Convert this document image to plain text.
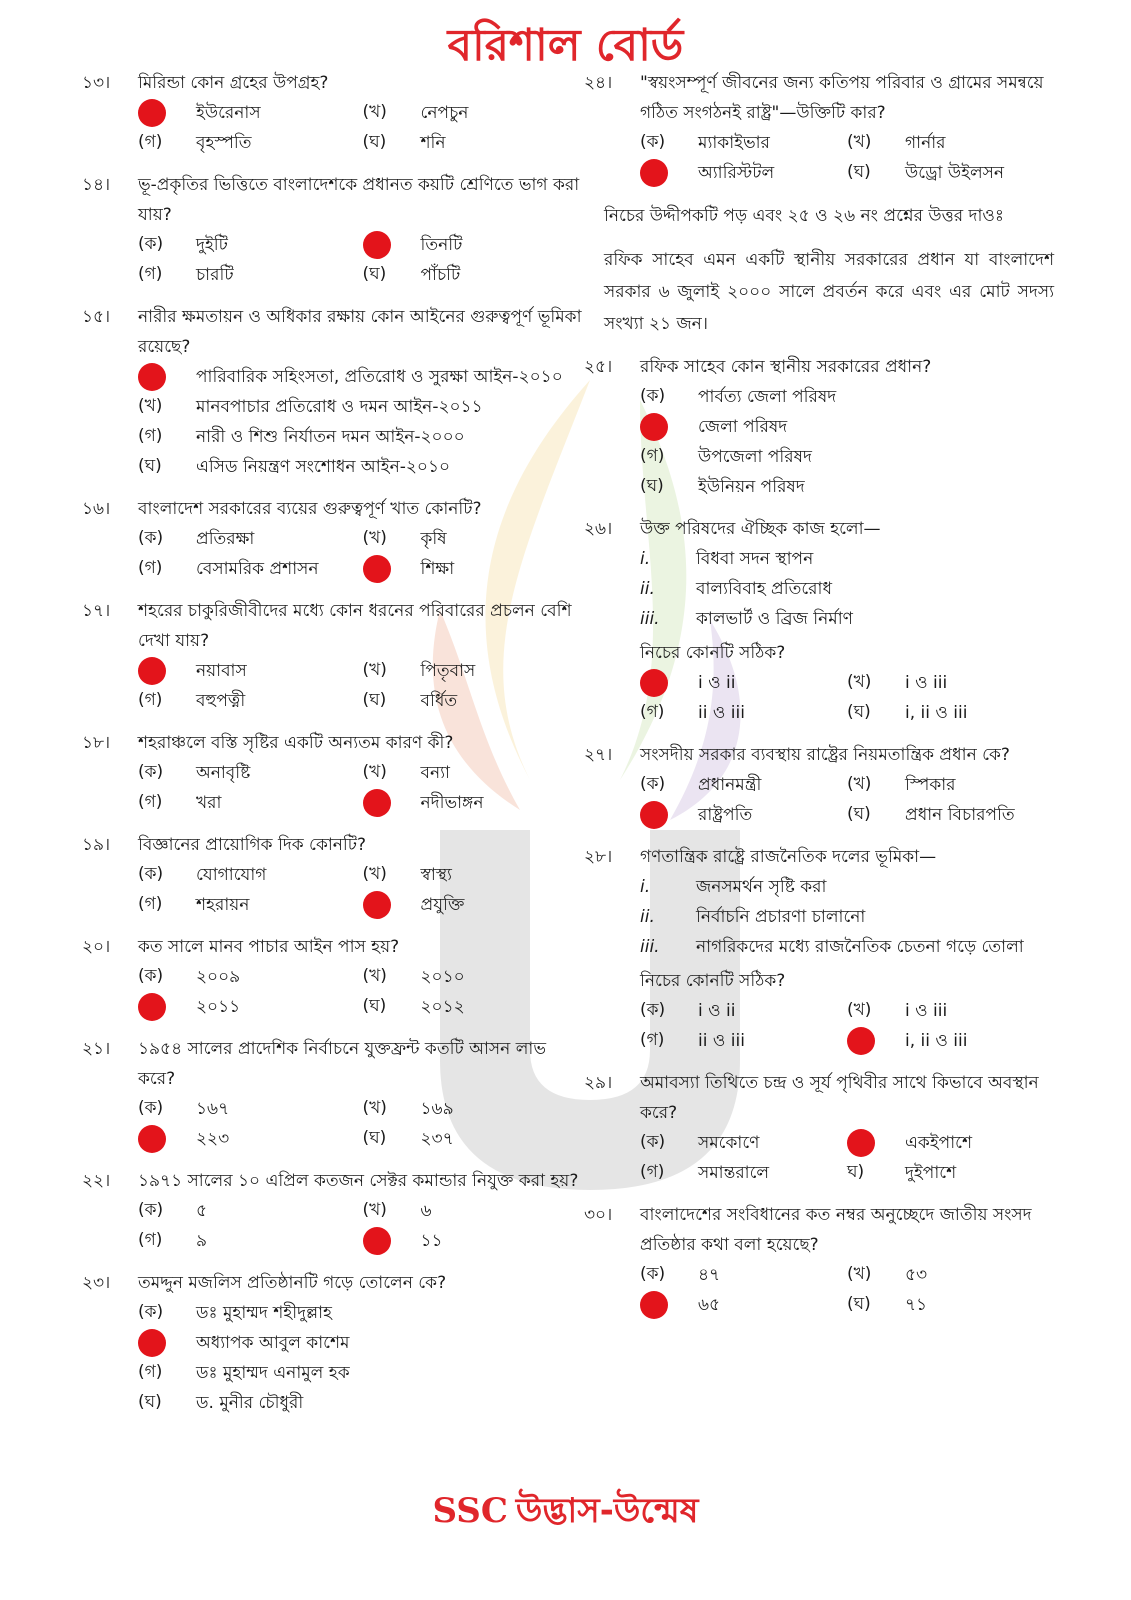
বরিশাল বোর্ড
১৩।	মিরিন্ডা কোন গ্রহের উপগ্রহ?
ইউরেনাস	(খ)	নেপচুন
(গ)	বৃহস্পতি	(ঘ)	শনি
১৪।	ভূ-প্রকৃতির ভিত্তিতে বাংলাদেশকে প্রধানত কয়টি শ্রেণিতে ভাগ করা যায়?
(ক)	দুইটি	তিনটি
(গ)	চারটি	(ঘ)	পাঁচটি
১৫।	নারীর ক্ষমতায়ন ও অধিকার রক্ষায় কোন আইনের গুরুত্বপূর্ণ ভূমিকা রয়েছে?
পারিবারিক সহিংসতা, প্রতিরোধ ও সুরক্ষা আইন-২০১০
(খ)	মানবপাচার প্রতিরোধ ও দমন আইন-২০১১
(গ)	নারী ও শিশু নির্যাতন দমন আইন-২০০০
(ঘ)	এসিড নিয়ন্ত্রণ সংশোধন আইন-২০১০
১৬।	বাংলাদেশ সরকারের ব্যয়ের গুরুত্বপূর্ণ খাত কোনটি?
(ক)	প্রতিরক্ষা	(খ)	কৃষি
(গ)	বেসামরিক প্রশাসন	শিক্ষা
১৭।	শহরের চাকুরিজীবীদের মধ্যে কোন ধরনের পরিবারের প্রচলন বেশি দেখা যায়?
নয়াবাস	(খ)	পিতৃবাস
(গ)	বহুপত্নী	(ঘ)	বর্ধিত
১৮।	শহরাঞ্চলে বস্তি সৃষ্টির একটি অন্যতম কারণ কী?
(ক)	অনাবৃষ্টি	(খ)	বন্যা
(গ)	খরা	নদীভাঙ্গন
১৯।	বিজ্ঞানের প্রায়োগিক দিক কোনটি?
(ক)	যোগাযোগ	(খ)	স্বাস্থ্য
(গ)	শহরায়ন	প্রযুক্তি
২০।	কত সালে মানব পাচার আইন পাস হয়?
(ক)	২০০৯	(খ)	২০১০
২০১১	(ঘ)	২০১২
২১।	১৯৫৪ সালের প্রাদেশিক নির্বাচনে যুক্তফ্রন্ট কতটি আসন লাভ করে?
(ক)	১৬৭	(খ)	১৬৯
২২৩	(ঘ)	২৩৭
২২।	১৯৭১ সালের ১০ এপ্রিল কতজন সেক্টর কমান্ডার নিযুক্ত করা হয়?
(ক)	৫	(খ)	৬
(গ)	৯	১১
২৩।	তমদ্দুন মজলিস প্রতিষ্ঠানটি গড়ে তোলেন কে?
(ক)	ডঃ মুহাম্মদ শহীদুল্লাহ
অধ্যাপক আবুল কাশেম
(গ)	ডঃ মুহাম্মদ এনামুল হক
(ঘ)	ড. মুনীর চৌধুরী
২৪।	"স্বয়ংসম্পূর্ণ জীবনের জন্য কতিপয় পরিবার ও গ্রামের সমন্বয়ে গঠিত সংগঠনই রাষ্ট্র"—উক্তিটি কার?
(ক)	ম্যাকাইভার	(খ)	গার্নার
অ্যারিস্টটল	(ঘ)	উড্রো উইলসন
নিচের উদ্দীপকটি পড় এবং ২৫ ও ২৬ নং প্রশ্নের উত্তর দাওঃ
রফিক সাহেব এমন একটি স্থানীয় সরকারের প্রধান যা বাংলাদেশ সরকার ৬ জুলাই ২০০০ সালে প্রবর্তন করে এবং এর মোট সদস্য সংখ্যা ২১ জন।
২৫।	রফিক সাহেব কোন স্থানীয় সরকারের প্রধান?
(ক)	পার্বত্য জেলা পরিষদ
জেলা পরিষদ
(গ)	উপজেলা পরিষদ
(ঘ)	ইউনিয়ন পরিষদ
২৬।	উক্ত পরিষদের ঐচ্ছিক কাজ হলো—
i.	বিধবা সদন স্থাপন
ii.	বাল্যবিবাহ প্রতিরোধ
iii.	কালভার্ট ও ব্রিজ নির্মাণ
নিচের কোনটি সঠিক?
i ও ii	(খ)	i ও iii
(গ)	ii ও iii	(ঘ)	i, ii ও iii
২৭।	সংসদীয় সরকার ব্যবস্থায় রাষ্ট্রের নিয়মতান্ত্রিক প্রধান কে?
(ক)	প্রধানমন্ত্রী	(খ)	স্পিকার
রাষ্ট্রপতি	(ঘ)	প্রধান বিচারপতি
২৮।	গণতান্ত্রিক রাষ্ট্রে রাজনৈতিক দলের ভূমিকা—
i.	জনসমর্থন সৃষ্টি করা
ii.	নির্বাচনি প্রচারণা চালানো
iii.	নাগরিকদের মধ্যে রাজনৈতিক চেতনা গড়ে তোলা
নিচের কোনটি সঠিক?
(ক)	i ও ii	(খ)	i ও iii
(গ)	ii ও iii	i, ii ও iii
২৯।	অমাবস্যা তিথিতে চন্দ্র ও সূর্য পৃথিবীর সাথে কিভাবে অবস্থান করে?
(ক)	সমকোণে	একইপাশে
(গ)	সমান্তরালে	ঘ)	দুইপাশে
৩০।	বাংলাদেশের সংবিধানের কত নম্বর অনুচ্ছেদে জাতীয় সংসদ প্রতিষ্ঠার কথা বলা হয়েছে?
(ক)	৪৭	(খ)	৫৩
৬৫	(ঘ)	৭১
SSC উদ্ভাস-উন্মেষ
